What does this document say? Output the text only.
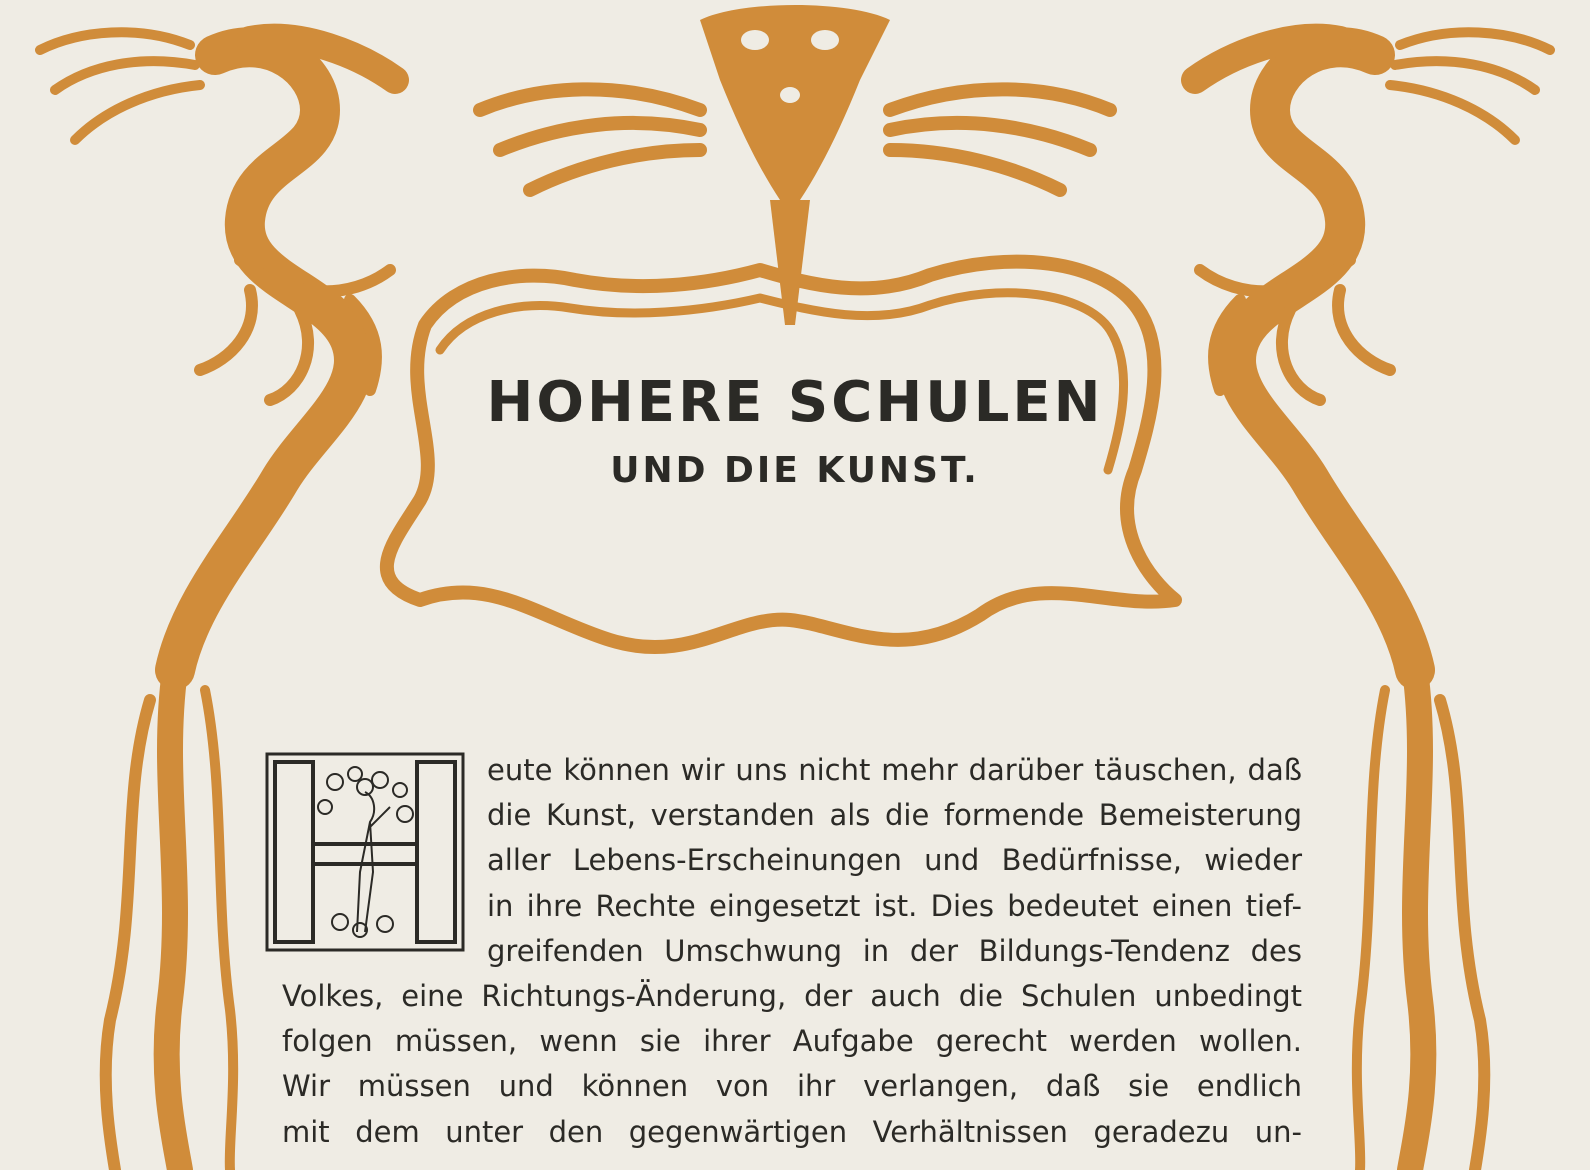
HOHERE SCHULEN
UND DIE KUNST.
eute können wir uns nicht mehr darüber täuschen, daß
die Kunst, verstanden als die formende Bemeisterung
aller Lebens-Erscheinungen und Bedürfnisse, wieder
in ihre Rechte eingesetzt ist. Dies bedeutet einen tief-
greifenden Umschwung in der Bildungs-Tendenz des
Volkes, eine Richtungs-Änderung, der auch die Schulen unbedingt
folgen müssen, wenn sie ihrer Aufgabe gerecht werden wollen.
Wir müssen und können von ihr verlangen, daß sie endlich
mit dem unter den gegenwärtigen Verhältnissen geradezu un-
